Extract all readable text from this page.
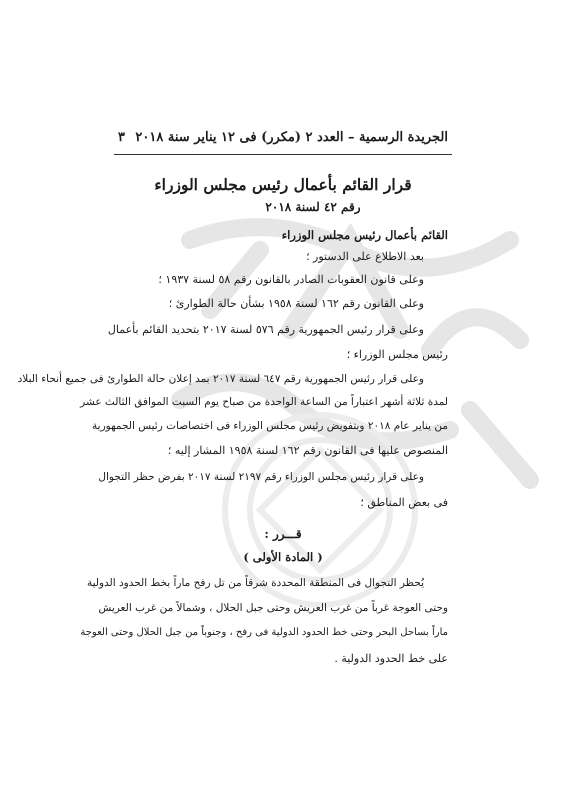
الجريدة الرسمية – العدد ٢ (مكرر) فى ١٢ يناير سنة ٢٠١٨
٣
قرار القائم بأعمال رئيس مجلس الوزراء
رقم ٤٢ لسنة ٢٠١٨
القائم بأعمال رئيس مجلس الوزراء
بعد الاطلاع على الدستور ؛
وعلى قانون العقوبات الصادر بالقانون رقم ٥٨ لسنة ١٩٣٧ ؛
وعلى القانون رقم ١٦٢ لسنة ١٩٥٨ بشأن حالة الطوارئ ؛
وعلى قرار رئيس الجمهورية رقم ٥٧٦ لسنة ٢٠١٧ بتحديد القائم بأعمال
رئيس مجلس الوزراء ؛
وعلى قرار رئيس الجمهورية رقم ٦٤٧ لسنة ٢٠١٧ بمد إعلان حالة الطوارئ فى جميع أنحاء البلاد
لمدة ثلاثة أشهر اعتباراً من الساعة الواحدة من صباح يوم السبت الموافق الثالث عشر
من يناير عام ٢٠١٨ وبتفويض رئيس مجلس الوزراء فى اختصاصات رئيس الجمهورية
المنصوص عليها فى القانون رقم ١٦٢ لسنة ١٩٥٨ المشار إليه ؛
وعلى قرار رئيس مجلس الوزراء رقم ٢١٩٧ لسنة ٢٠١٧ بفرض حظر التجوال
فى بعض المناطق ؛
قـــرر :
( المادة الأولى )
يُحظر التجوال فى المنطقة المحددة شرقاً من تل رفح ماراً بخط الحدود الدولية
وحتى العوجة غرباً من غرب العريش وحتى جبل الحلال ، وشمالاً من غرب العريش
ماراً بساحل البحر وحتى خط الحدود الدولية فى رفح ، وجنوباً من جبل الحلال وحتى العوجة
على خط الحدود الدولية .
